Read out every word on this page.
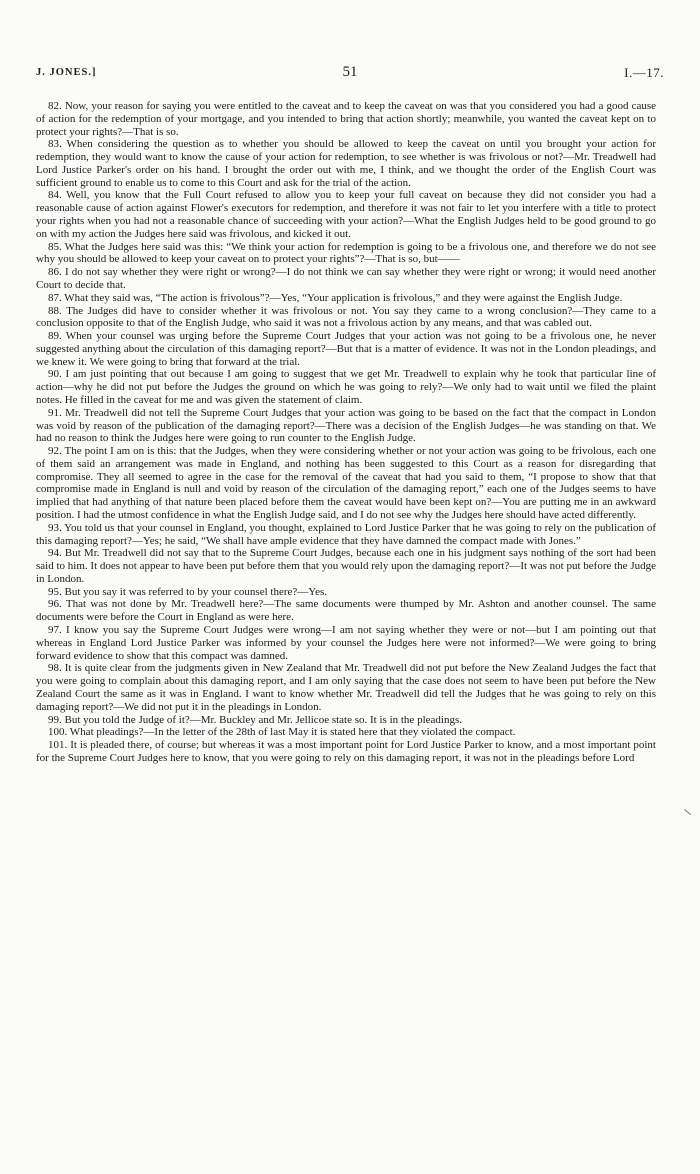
J. JONES.]	51	I.—17.

82. Now, your reason for saying you were entitled to the caveat and to keep the caveat on was that you considered you had a good cause of action for the redemption of your mortgage, and you intended to bring that action shortly; meanwhile, you wanted the caveat kept on to protect your rights?—That is so.

83. When considering the question as to whether you should be allowed to keep the caveat on until you brought your action for redemption, they would want to know the cause of your action for redemption, to see whether is was frivolous or not?—Mr. Treadwell had Lord Justice Parker's order on his hand. I brought the order out with me, I think, and we thought the order of the English Court was sufficient ground to enable us to come to this Court and ask for the trial of the action.

84. Well, you know that the Full Court refused to allow you to keep your full caveat on because they did not consider you had a reasonable cause of action against Flower's executors for redemption, and therefore it was not fair to let you interfere with a title to protect your rights when you had not a reasonable chance of succeeding with your action?—What the English Judges held to be good ground to go on with my action the Judges here said was frivolous, and kicked it out.

85. What the Judges here said was this: “We think your action for redemption is going to be a frivolous one, and therefore we do not see why you should be allowed to keep your caveat on to protect your rights”?—That is so, but——

86. I do not say whether they were right or wrong?—I do not think we can say whether they were right or wrong; it would need another Court to decide that.

87. What they said was, “The action is frivolous”?—Yes, “Your application is frivolous,” and they were against the English Judge.

88. The Judges did have to consider whether it was frivolous or not. You say they came to a wrong conclusion?—They came to a conclusion opposite to that of the English Judge, who said it was not a frivolous action by any means, and that was cabled out.

89. When your counsel was urging before the Supreme Court Judges that your action was not going to be a frivolous one, he never suggested anything about the circulation of this damaging report?—But that is a matter of evidence. It was not in the London pleadings, and we knew it. We were going to bring that forward at the trial.

90. I am just pointing that out because I am going to suggest that we get Mr. Treadwell to explain why he took that particular line of action—why he did not put before the Judges the ground on which he was going to rely?—We only had to wait until we filed the plaint notes. He filled in the caveat for me and was given the statement of claim.

91. Mr. Treadwell did not tell the Supreme Court Judges that your action was going to be based on the fact that the compact in London was void by reason of the publication of the damaging report?—There was a decision of the English Judges—he was standing on that. We had no reason to think the Judges here were going to run counter to the English Judge.

92. The point I am on is this: that the Judges, when they were considering whether or not your action was going to be frivolous, each one of them said an arrangement was made in England, and nothing has been suggested to this Court as a reason for disregarding that compromise. They all seemed to agree in the case for the removal of the caveat that had you said to them, “I propose to show that that compromise made in England is null and void by reason of the circulation of the damaging report,” each one of the Judges seems to have implied that had anything of that nature been placed before them the caveat would have been kept on?—You are putting me in an awkward position. I had the utmost confidence in what the English Judge said, and I do not see why the Judges here should have acted differently.

93. You told us that your counsel in England, you thought, explained to Lord Justice Parker that he was going to rely on the publication of this damaging report?—Yes; he said, “We shall have ample evidence that they have damned the compact made with Jones.”

94. But Mr. Treadwell did not say that to the Supreme Court Judges, because each one in his judgment says nothing of the sort had been said to him. It does not appear to have been put before them that you would rely upon the damaging report?—It was not put before the Judge in London.

95. But you say it was referred to by your counsel there?—Yes.

96. That was not done by Mr. Treadwell here?—The same documents were thumped by Mr. Ashton and another counsel. The same documents were before the Court in England as were here.

97. I know you say the Supreme Court Judges were wrong—I am not saying whether they were or not—but I am pointing out that whereas in England Lord Justice Parker was informed by your counsel the Judges here were not informed?—We were going to bring forward evidence to show that this compact was damned.

98. It is quite clear from the judgments given in New Zealand that Mr. Treadwell did not put before the New Zealand Judges the fact that you were going to complain about this damaging report, and I am only saying that the case does not seem to have been put before the New Zealand Court the same as it was in England. I want to know whether Mr. Treadwell did tell the Judges that he was going to rely on this damaging report?—We did not put it in the pleadings in London.

99. But you told the Judge of it?—Mr. Buckley and Mr. Jellicoe state so. It is in the pleadings.

100. What pleadings?—In the letter of the 28th of last May it is stated here that they violated the compact.

101. It is pleaded there, of course; but whereas it was a most important point for Lord Justice Parker to know, and a most important point for the Supreme Court Judges here to know, that you were going to rely on this damaging report, it was not in the pleadings before Lord
